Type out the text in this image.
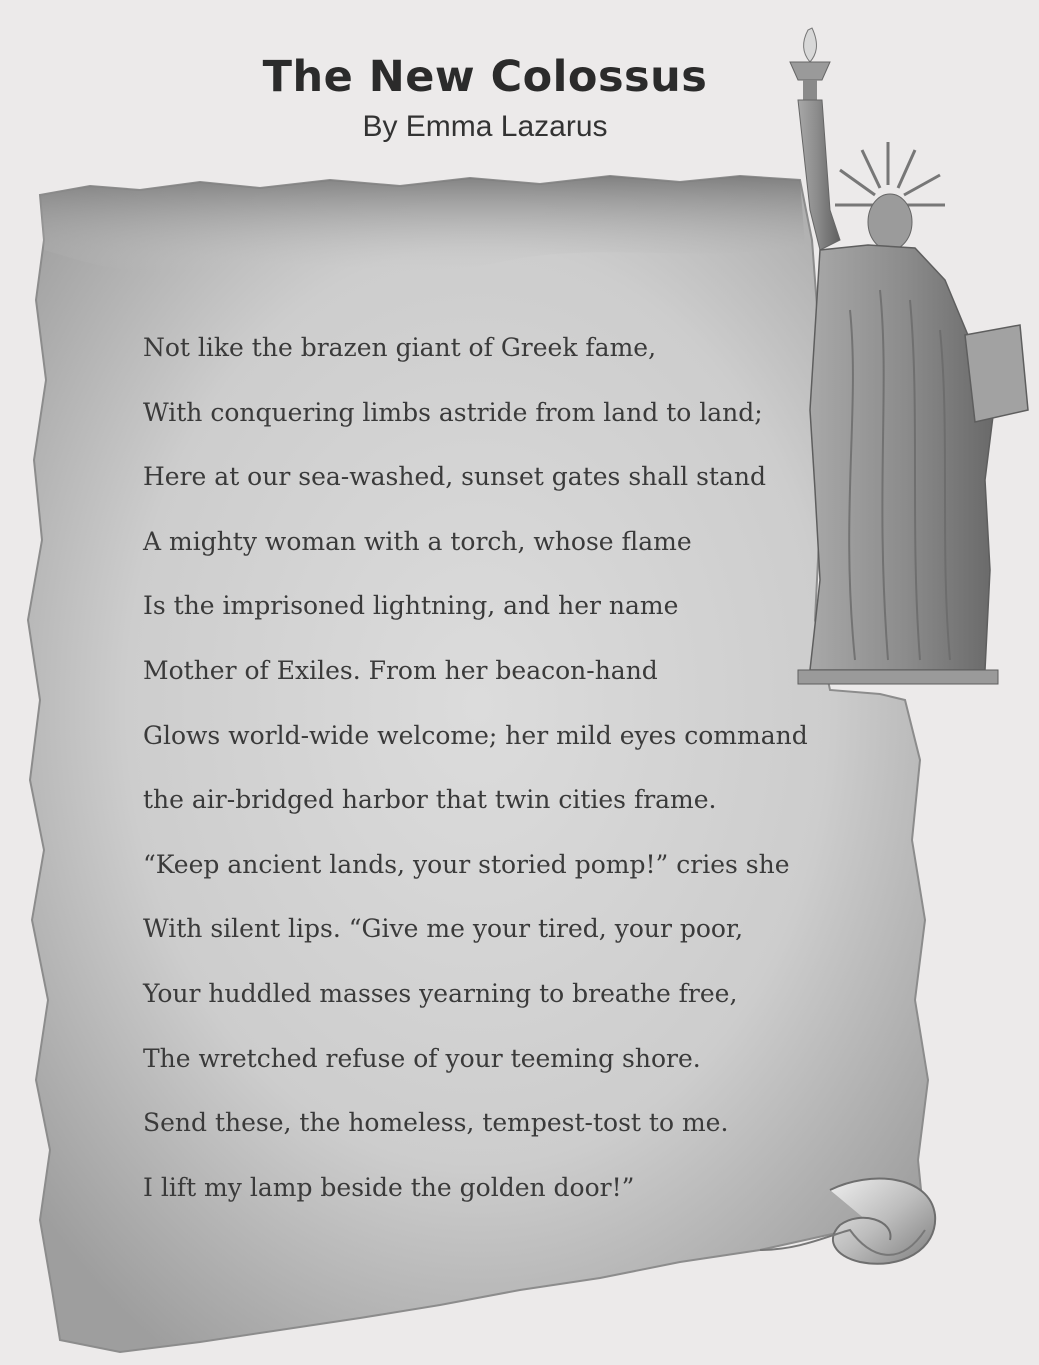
The New Colossus

By Emma Lazarus

Not like the brazen giant of Greek fame,
With conquering limbs astride from land to land;
Here at our sea-washed, sunset gates shall stand
A mighty woman with a torch, whose flame
Is the imprisoned lightning, and her name
Mother of Exiles. From her beacon-hand
Glows world-wide welcome; her mild eyes command
the air-bridged harbor that twin cities frame.
“Keep ancient lands, your storied pomp!” cries she
With silent lips. “Give me your tired, your poor,
Your huddled masses yearning to breathe free,
The wretched refuse of your teeming shore.
Send these, the homeless, tempest-tost to me.
I lift my lamp beside the golden door!”
